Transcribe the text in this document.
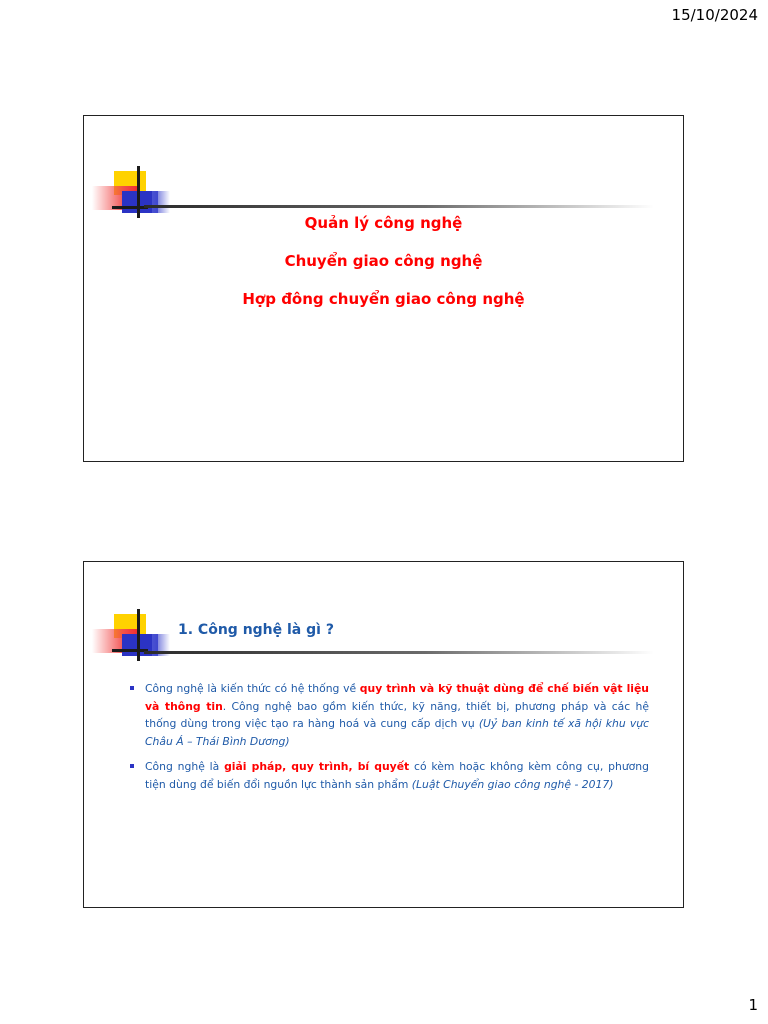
15/10/2024
Quản lý công nghệ
Chuyển giao công nghệ
Hợp đông chuyển giao công nghệ
1. Công nghệ là gì ?
Công nghệ là kiến thức có hệ thống về quy trình và kỹ thuật dùng để chế biến vật liệu và thông tin. Công nghệ bao gồm kiến thức, kỹ năng, thiết bị, phương pháp và các hệ thống dùng trong việc tạo ra hàng hoá và cung cấp dịch vụ (Uỷ ban kinh tế xã hội khu vực Châu Á – Thái Bình Dương)
Công nghệ là giải pháp, quy trình, bí quyết có kèm hoặc không kèm công cụ, phương tiện dùng để biến đổi nguồn lực thành sản phẩm (Luật Chuyển giao công nghệ - 2017)
1
